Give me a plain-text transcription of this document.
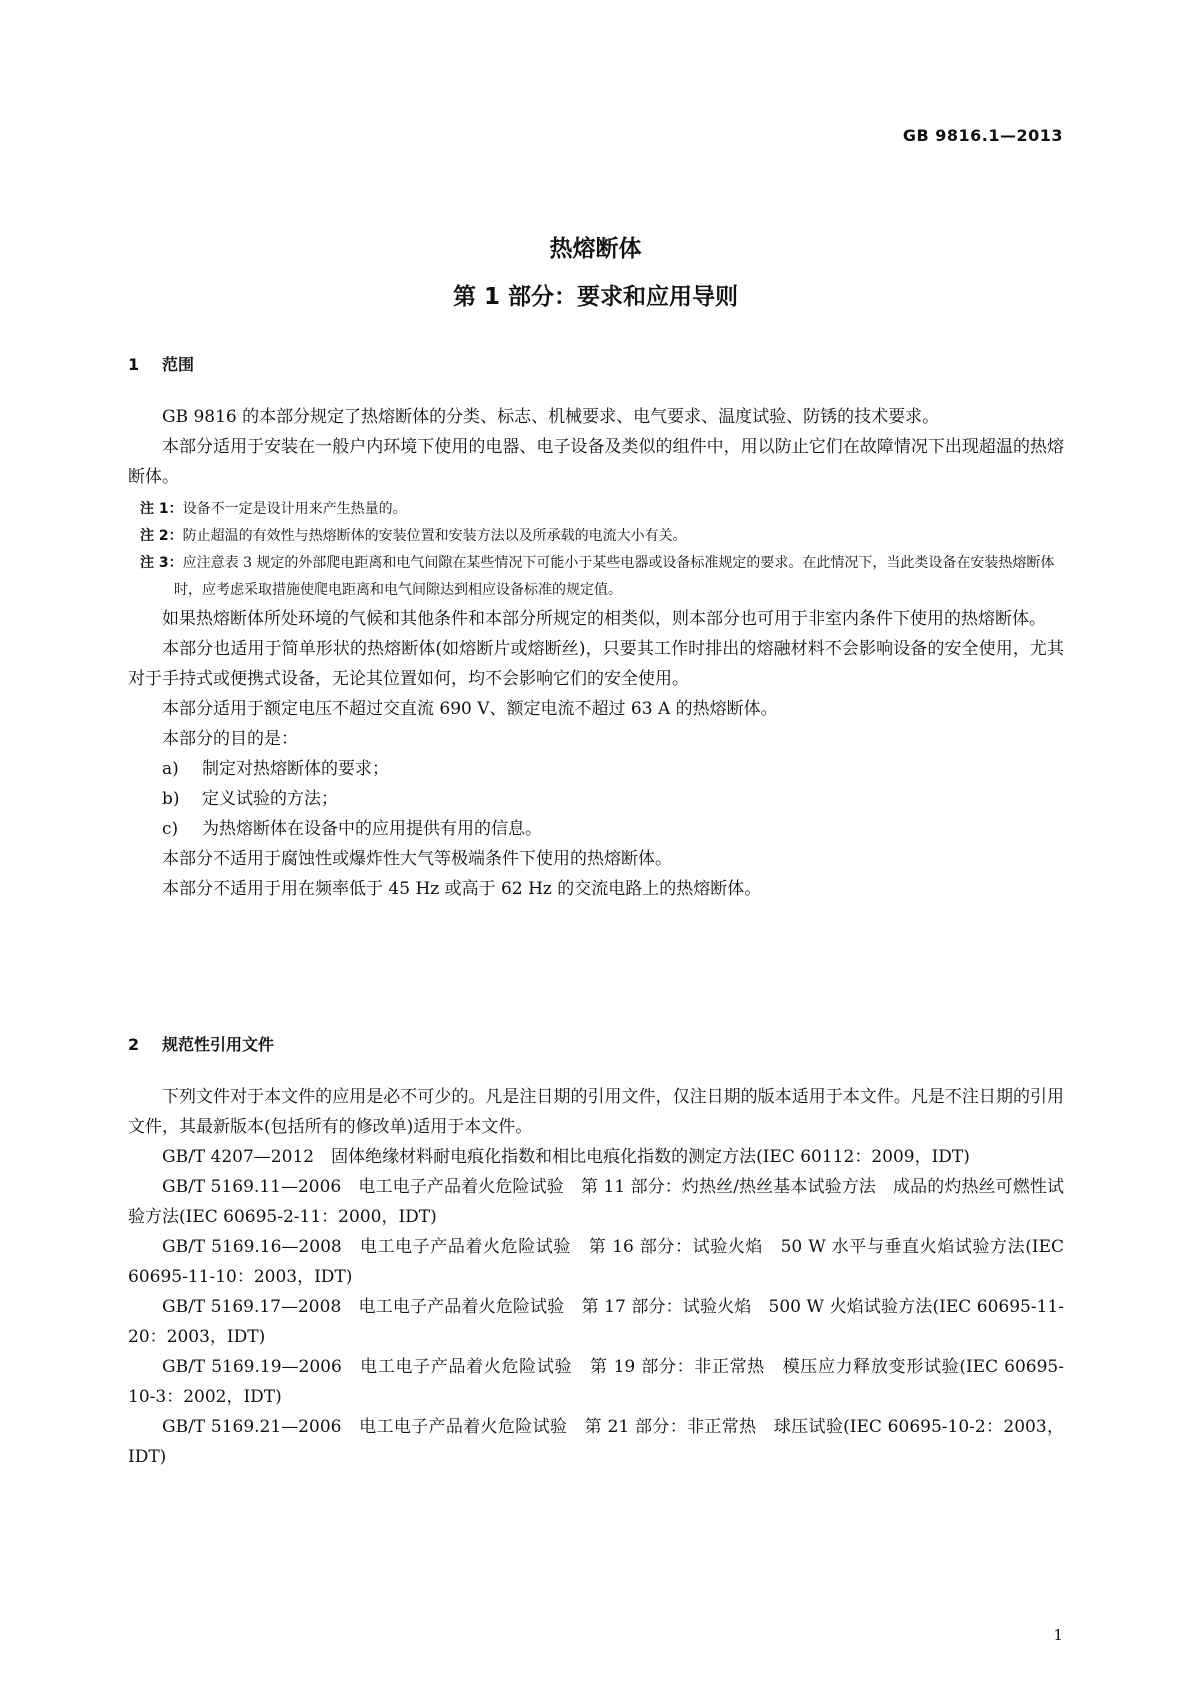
GB 9816.1—2013
热熔断体
第 1 部分：要求和应用导则
1 范围

GB 9816 的本部分规定了热熔断体的分类、标志、机械要求、电气要求、温度试验、防锈的技术要求。

本部分适用于安装在一般户内环境下使用的电器、电子设备及类似的组件中，用以防止它们在故障情况下出现超温的热熔断体。

注 1：设备不一定是设计用来产生热量的。

注 2：防止超温的有效性与热熔断体的安装位置和安装方法以及所承载的电流大小有关。

注 3：应注意表 3 规定的外部爬电距离和电气间隙在某些情况下可能小于某些电器或设备标准规定的要求。在此情况下，当此类设备在安装热熔断体时，应考虑采取措施使爬电距离和电气间隙达到相应设备标准的规定值。

如果热熔断体所处环境的气候和其他条件和本部分所规定的相类似，则本部分也可用于非室内条件下使用的热熔断体。

本部分也适用于简单形状的热熔断体(如熔断片或熔断丝)，只要其工作时排出的熔融材料不会影响设备的安全使用，尤其对于手持式或便携式设备，无论其位置如何，均不会影响它们的安全使用。

本部分适用于额定电压不超过交直流 690 V、额定电流不超过 63 A 的热熔断体。

本部分的目的是：

a) 制定对热熔断体的要求；

b) 定义试验的方法；

c) 为热熔断体在设备中的应用提供有用的信息。

本部分不适用于腐蚀性或爆炸性大气等极端条件下使用的热熔断体。

本部分不适用于用在频率低于 45 Hz 或高于 62 Hz 的交流电路上的热熔断体。

2 规范性引用文件

下列文件对于本文件的应用是必不可少的。凡是注日期的引用文件，仅注日期的版本适用于本文件。凡是不注日期的引用文件，其最新版本(包括所有的修改单)适用于本文件。

GB/T 4207—2012　固体绝缘材料耐电痕化指数和相比电痕化指数的测定方法(IEC 60112：2009，IDT)

GB/T 5169.11—2006　电工电子产品着火危险试验　第 11 部分：灼热丝/热丝基本试验方法　成品的灼热丝可燃性试验方法(IEC 60695-2-11：2000，IDT)

GB/T 5169.16—2008　电工电子产品着火危险试验　第 16 部分：试验火焰　50 W 水平与垂直火焰试验方法(IEC 60695-11-10：2003，IDT)

GB/T 5169.17—2008　电工电子产品着火危险试验　第 17 部分：试验火焰　500 W 火焰试验方法(IEC 60695-11-20：2003，IDT)

GB/T 5169.19—2006　电工电子产品着火危险试验　第 19 部分：非正常热　模压应力释放变形试验(IEC 60695-10-3：2002，IDT)

GB/T 5169.21—2006　电工电子产品着火危险试验　第 21 部分：非正常热　球压试验(IEC 60695-10-2：2003，IDT)

1
